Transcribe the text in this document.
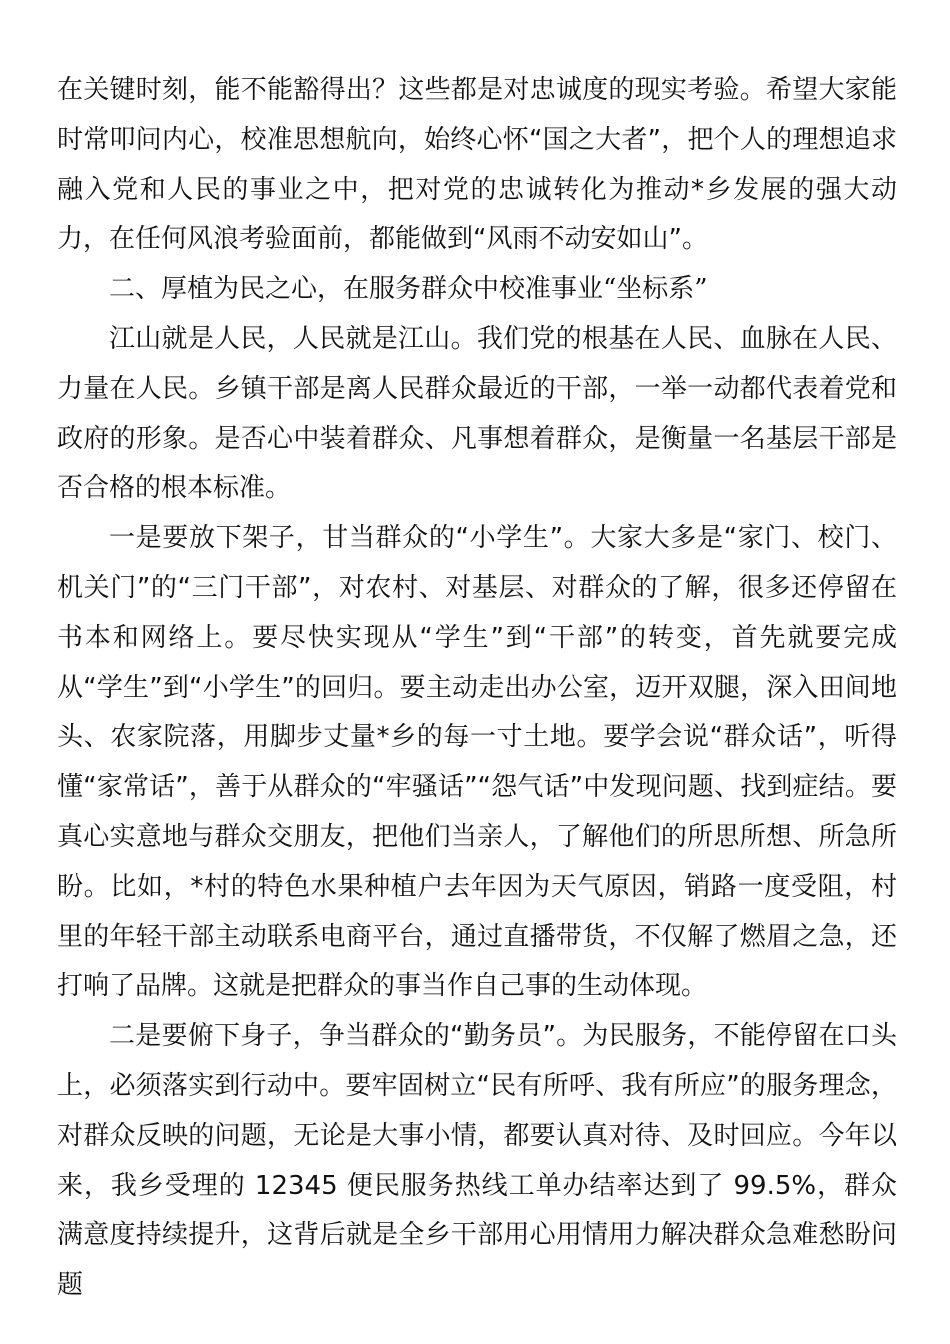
在关键时刻，能不能豁得出？这些都是对忠诚度的现实考验。希望大家能时常叩问内心，校准思想航向，始终心怀“国之大者”，把个人的理想追求融入党和人民的事业之中，把对党的忠诚转化为推动*乡发展的强大动力，在任何风浪考验面前，都能做到“风雨不动安如山”。

二、厚植为民之心，在服务群众中校准事业“坐标系”

江山就是人民，人民就是江山。我们党的根基在人民、血脉在人民、力量在人民。乡镇干部是离人民群众最近的干部，一举一动都代表着党和政府的形象。是否心中装着群众、凡事想着群众，是衡量一名基层干部是否合格的根本标准。

一是要放下架子，甘当群众的“小学生”。大家大多是“家门、校门、机关门”的“三门干部”，对农村、对基层、对群众的了解，很多还停留在书本和网络上。要尽快实现从“学生”到“干部”的转变，首先就要完成从“学生”到“小学生”的回归。要主动走出办公室，迈开双腿，深入田间地头、农家院落，用脚步丈量*乡的每一寸土地。要学会说“群众话”，听得懂“家常话”，善于从群众的“牢骚话”“怨气话”中发现问题、找到症结。要真心实意地与群众交朋友，把他们当亲人，了解他们的所思所想、所急所盼。比如，*村的特色水果种植户去年因为天气原因，销路一度受阻，村里的年轻干部主动联系电商平台，通过直播带货，不仅解了燃眉之急，还打响了品牌。这就是把群众的事当作自己事的生动体现。

二是要俯下身子，争当群众的“勤务员”。为民服务，不能停留在口头上，必须落实到行动中。要牢固树立“民有所呼、我有所应”的服务理念，对群众反映的问题，无论是大事小情，都要认真对待、及时回应。今年以来，我乡受理的 12345 便民服务热线工单办结率达到了 99.5%，群众满意度持续提升，这背后就是全乡干部用心用情用力解决群众急难愁盼问题
